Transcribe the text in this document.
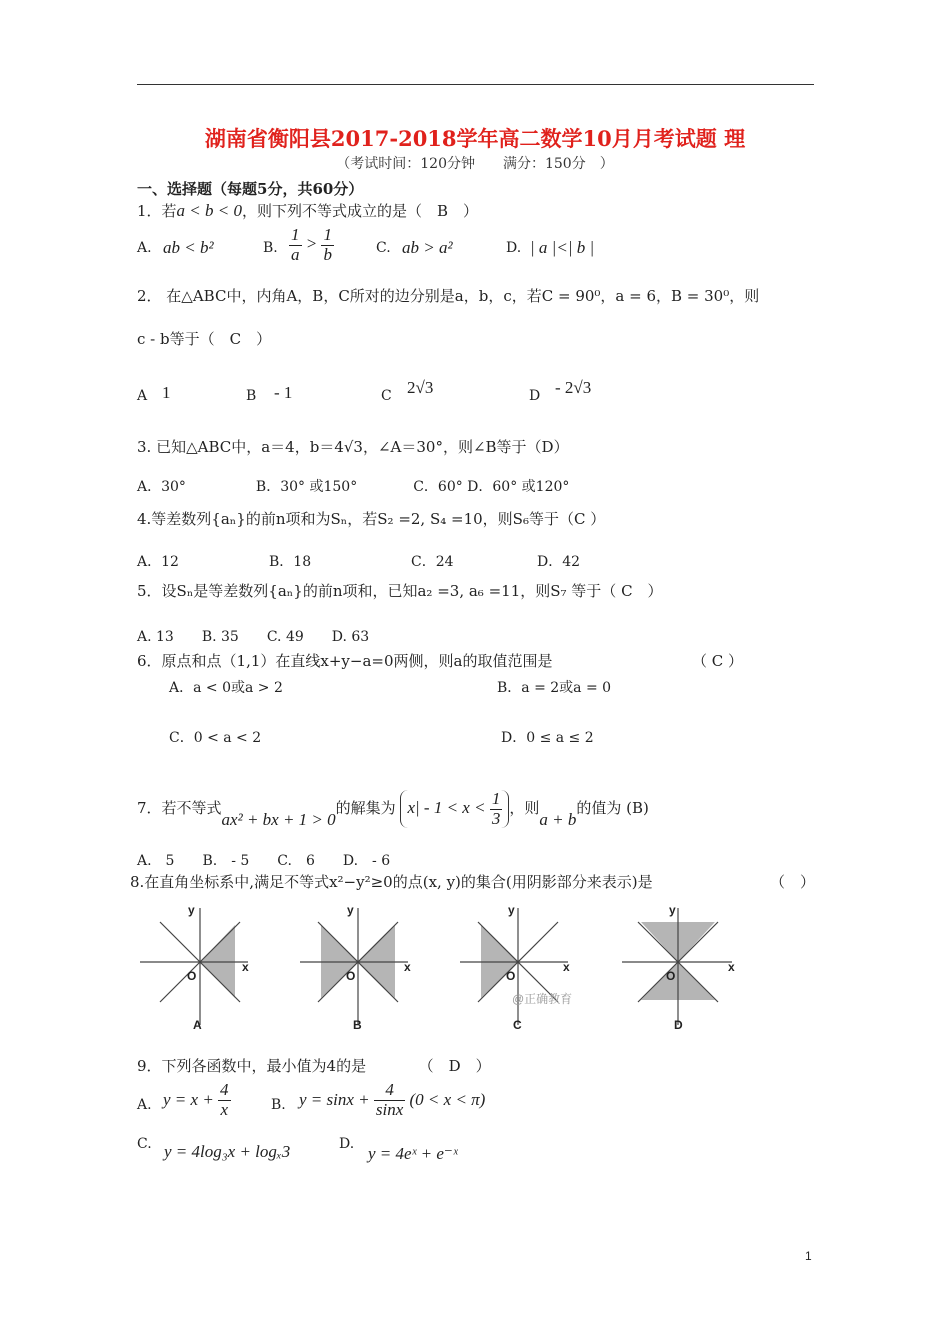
湖南省衡阳县2017-2018学年高二数学10月月考试题 理
（考试时间：120分钟　　满分：150分　）
一、选择题（每题5分，共60分）
1．若a < b < 0，则下列不等式成立的是（　B　）
A. ab < b²	B. $\frac{1}{a} > \frac{1}{b}$	C. ab > a²	D. | a |<| b |
2． 在△ABC中，内角A，B，C所对的边分别是a，b，c，若C = 90⁰，a = 6，B = 30⁰，则
c - b等于（　C　）
A 1	B - 1	C 2√3	D - 2√3
3. 已知△ABC中，a＝4，b＝4√3，∠A＝30°，则∠B等于（D）
A．30°　　　　　B．30° 或150°　　　　C．60° D．60° 或120°
4.等差数列{aₙ}的前n项和为Sₙ，若S₂ =2, S₄ =10，则S₆等于（C ）
A．12	B．18	C．24	D．42
5．设Sₙ是等差数列{aₙ}的前n项和，已知a₂ =3, a₆ =11，则S₇ 等于（ C　）
A. 13　　B. 35　　C. 49　　D. 63
6．原点和点（1,1）在直线x+y−a=0两侧，则a的取值范围是	（ C ）
A．a < 0或a > 2	B．a = 2或a = 0
C．0 < a < 2	D．0 ≤ a ≤ 2
7．若不等式ax² + bx + 1 > 0的解集为 $x| - 1 < x < \frac{1}{3}$ ，则a + b的值为 (B)
A.　5　　B.　- 5　　C.　6　　D.　- 6
8.在直角坐标系中,满足不等式x²−y²≥0的点(x, y)的集合(用阴影部分来表示)是	（　）
y
x
O
A
y
x
O
B
y
x
O
@正确教育
C
y
x
O
D
9．下列各函数中，最小值为4的是　　　　（　D　）
A. $y = x + \frac{4}{x}$	B. $y = \sin x + \frac{4}{\sin x} (0 < x < \pi)$
C. y = 4log₃x + logₓ3	D. y = 4eˣ + e⁻ˣ
1
